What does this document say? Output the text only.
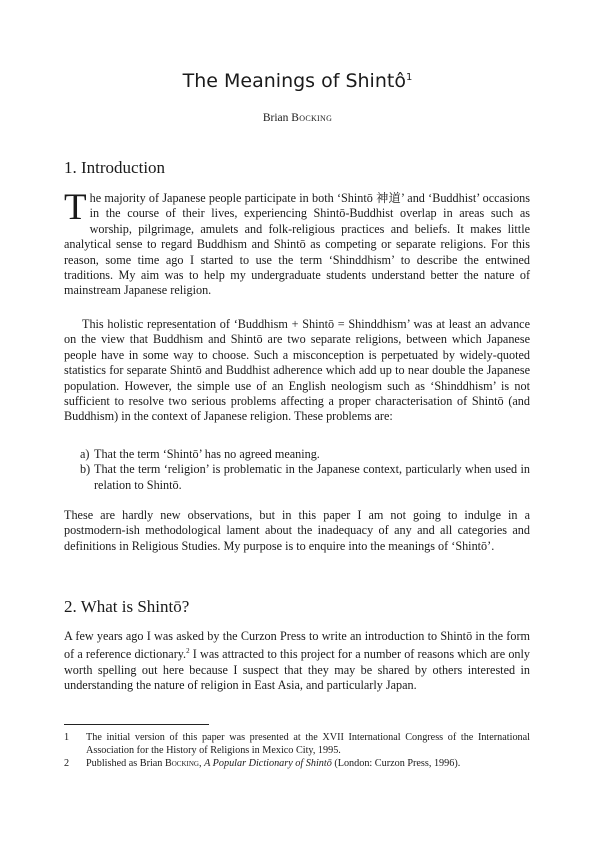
The Meanings of Shintô$^1$
Brian Bocking
1. Introduction

The majority of Japanese people participate in both ‘Shintō 神道’ and ‘Buddhist’ occasions in the course of their lives, experiencing Shintō-Buddhist overlap in areas such as worship, pilgrimage, amulets and folk-religious practices and beliefs. It makes little analytical sense to regard Buddhism and Shintō as competing or separate religions. For this reason, some time ago I started to use the term ‘Shinddhism’ to describe the entwined traditions. My aim was to help my undergraduate students understand better the nature of mainstream Japanese religion.

This holistic representation of ‘Buddhism + Shintō = Shinddhism’ was at least an advance on the view that Buddhism and Shintō are two separate religions, between which Japanese people have in some way to choose. Such a misconception is perpetuated by widely-quoted statistics for separate Shintō and Buddhist adherence which add up to near double the Japanese population. However, the simple use of an English neologism such as ‘Shinddhism’ is not sufficient to resolve two serious problems affecting a proper characterisation of Shintō (and Buddhism) in the context of Japanese religion. These problems are:

a) That the term ‘Shintō’ has no agreed meaning.
b) That the term ‘religion’ is problematic in the Japanese context, particularly when used in relation to Shintō.

These are hardly new observations, but in this paper I am not going to indulge in a postmodern-ish methodological lament about the inadequacy of any and all categories and definitions in Religious Studies. My purpose is to enquire into the meanings of ‘Shintō’.

2. What is Shintō?

A few years ago I was asked by the Curzon Press to write an introduction to Shintō in the form of a reference dictionary.$^2$ I was attracted to this project for a number of reasons which are only worth spelling out here because I suspect that they may be shared by others interested in understanding the nature of religion in East Asia, and particularly Japan.

1 The initial version of this paper was presented at the XVII International Congress of the International Association for the History of Religions in Mexico City, 1995.
2 Published as Brian Bocking, A Popular Dictionary of Shintō (London: Curzon Press, 1996).
